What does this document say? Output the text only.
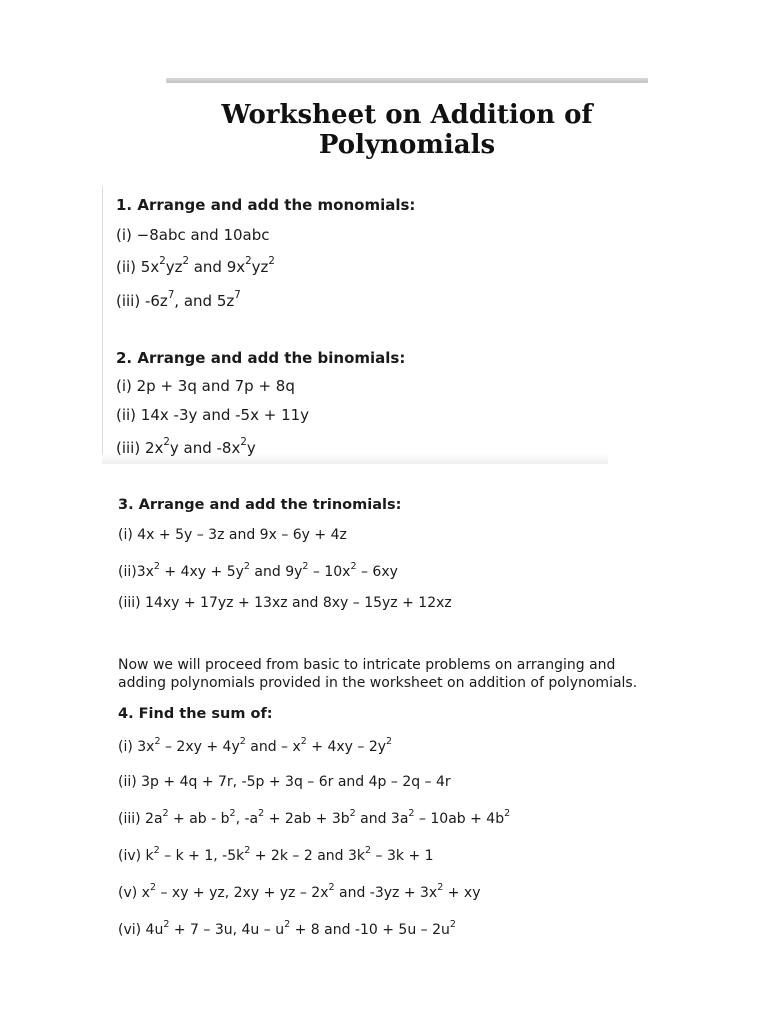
Worksheet on Addition of
Polynomials
1. Arrange and add the monomials:
(i) −8abc and 10abc
(ii) $5x^2yz^2$ and $9x^2yz^2$
(iii) $-6z^7$, and $5z^7$
2. Arrange and add the binomials:
(i) 2p + 3q and 7p + 8q
(ii) 14x -3y and -5x + 11y
(iii) $2x^2y$ and $-8x^2y$
3. Arrange and add the trinomials:
(i) 4x + 5y – 3z and 9x – 6y + 4z
$(ii)3x^2 + 4xy + 5y^2$ and $9y^2 - 10x^2 - 6xy$
(iii) 14xy + 17yz + 13xz and 8xy – 15yz + 12xz
Now we will proceed from basic to intricate problems on arranging and
adding polynomials provided in the worksheet on addition of polynomials.
4. Find the sum of:
(i) $3x^2 - 2xy + 4y^2$ and – $x^2 + 4xy - 2y^2$
(ii) 3p + 4q + 7r, -5p + 3q – 6r and 4p – 2q – 4r
(iii) $2a^2$ + ab - $b^2$, $-a^2 + 2ab + 3b^2$ and $3a^2 - 10ab + 4b^2$
(iv) $k^2 - k + 1$, $-5k^2 + 2k - 2$ and $3k^2 - 3k + 1$
(v) $x^2$ – xy + yz, 2xy + yz – $2x^2$ and $-3yz + 3x^2$ + xy
(vi) $4u^2 + 7 - 3u$, $4u - u^2 + 8$ and $-10 + 5u - 2u^2$
